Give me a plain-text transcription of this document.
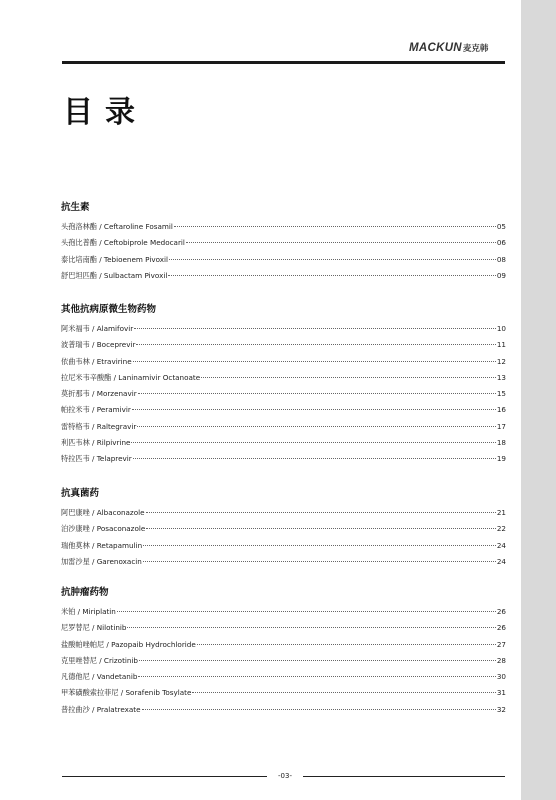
MACKUN 麦克韩
目录
抗生素
头孢洛林酯 / Ceftaroline Fosamil	05
头孢比普酯 / Ceftobiprole Medocaril	06
泰比培南酯 / Tebioenem Pivoxil	08
舒巴坦匹酯 / Sulbactam Pivoxil	09
其他抗病原微生物药物
阿米福韦 / Alamifovir	10
波普瑞韦 / Boceprevir	11
依曲韦林 / Etravirine	12
拉尼米韦辛酸酯 / Laninamivir Octanoate	13
莫折那韦 / Morzenavir	15
帕拉米韦 / Peramivir	16
雷特格韦 / Raltegravir	17
利匹韦林 / Rilpivrine	18
特拉匹韦 / Telaprevir	19
抗真菌药
阿巴康唑 / Albaconazole	21
泊沙康唑 / Posaconazole	22
瑞他莫林 / Retapamulin	24
加雷沙星 / Garenoxacin	24
抗肿瘤药物
米铂 / Miriplatin	26
尼罗替尼 / Nilotinib	26
盐酸帕唑帕尼 / Pazopaib Hydrochloride	27
克里唑替尼 / Crizotinib	28
凡德他尼 / Vandetanib	30
甲苯磺酸索拉菲尼 / Sorafenib Tosylate	31
普拉曲沙 / Pralatrexate	32
-03-
